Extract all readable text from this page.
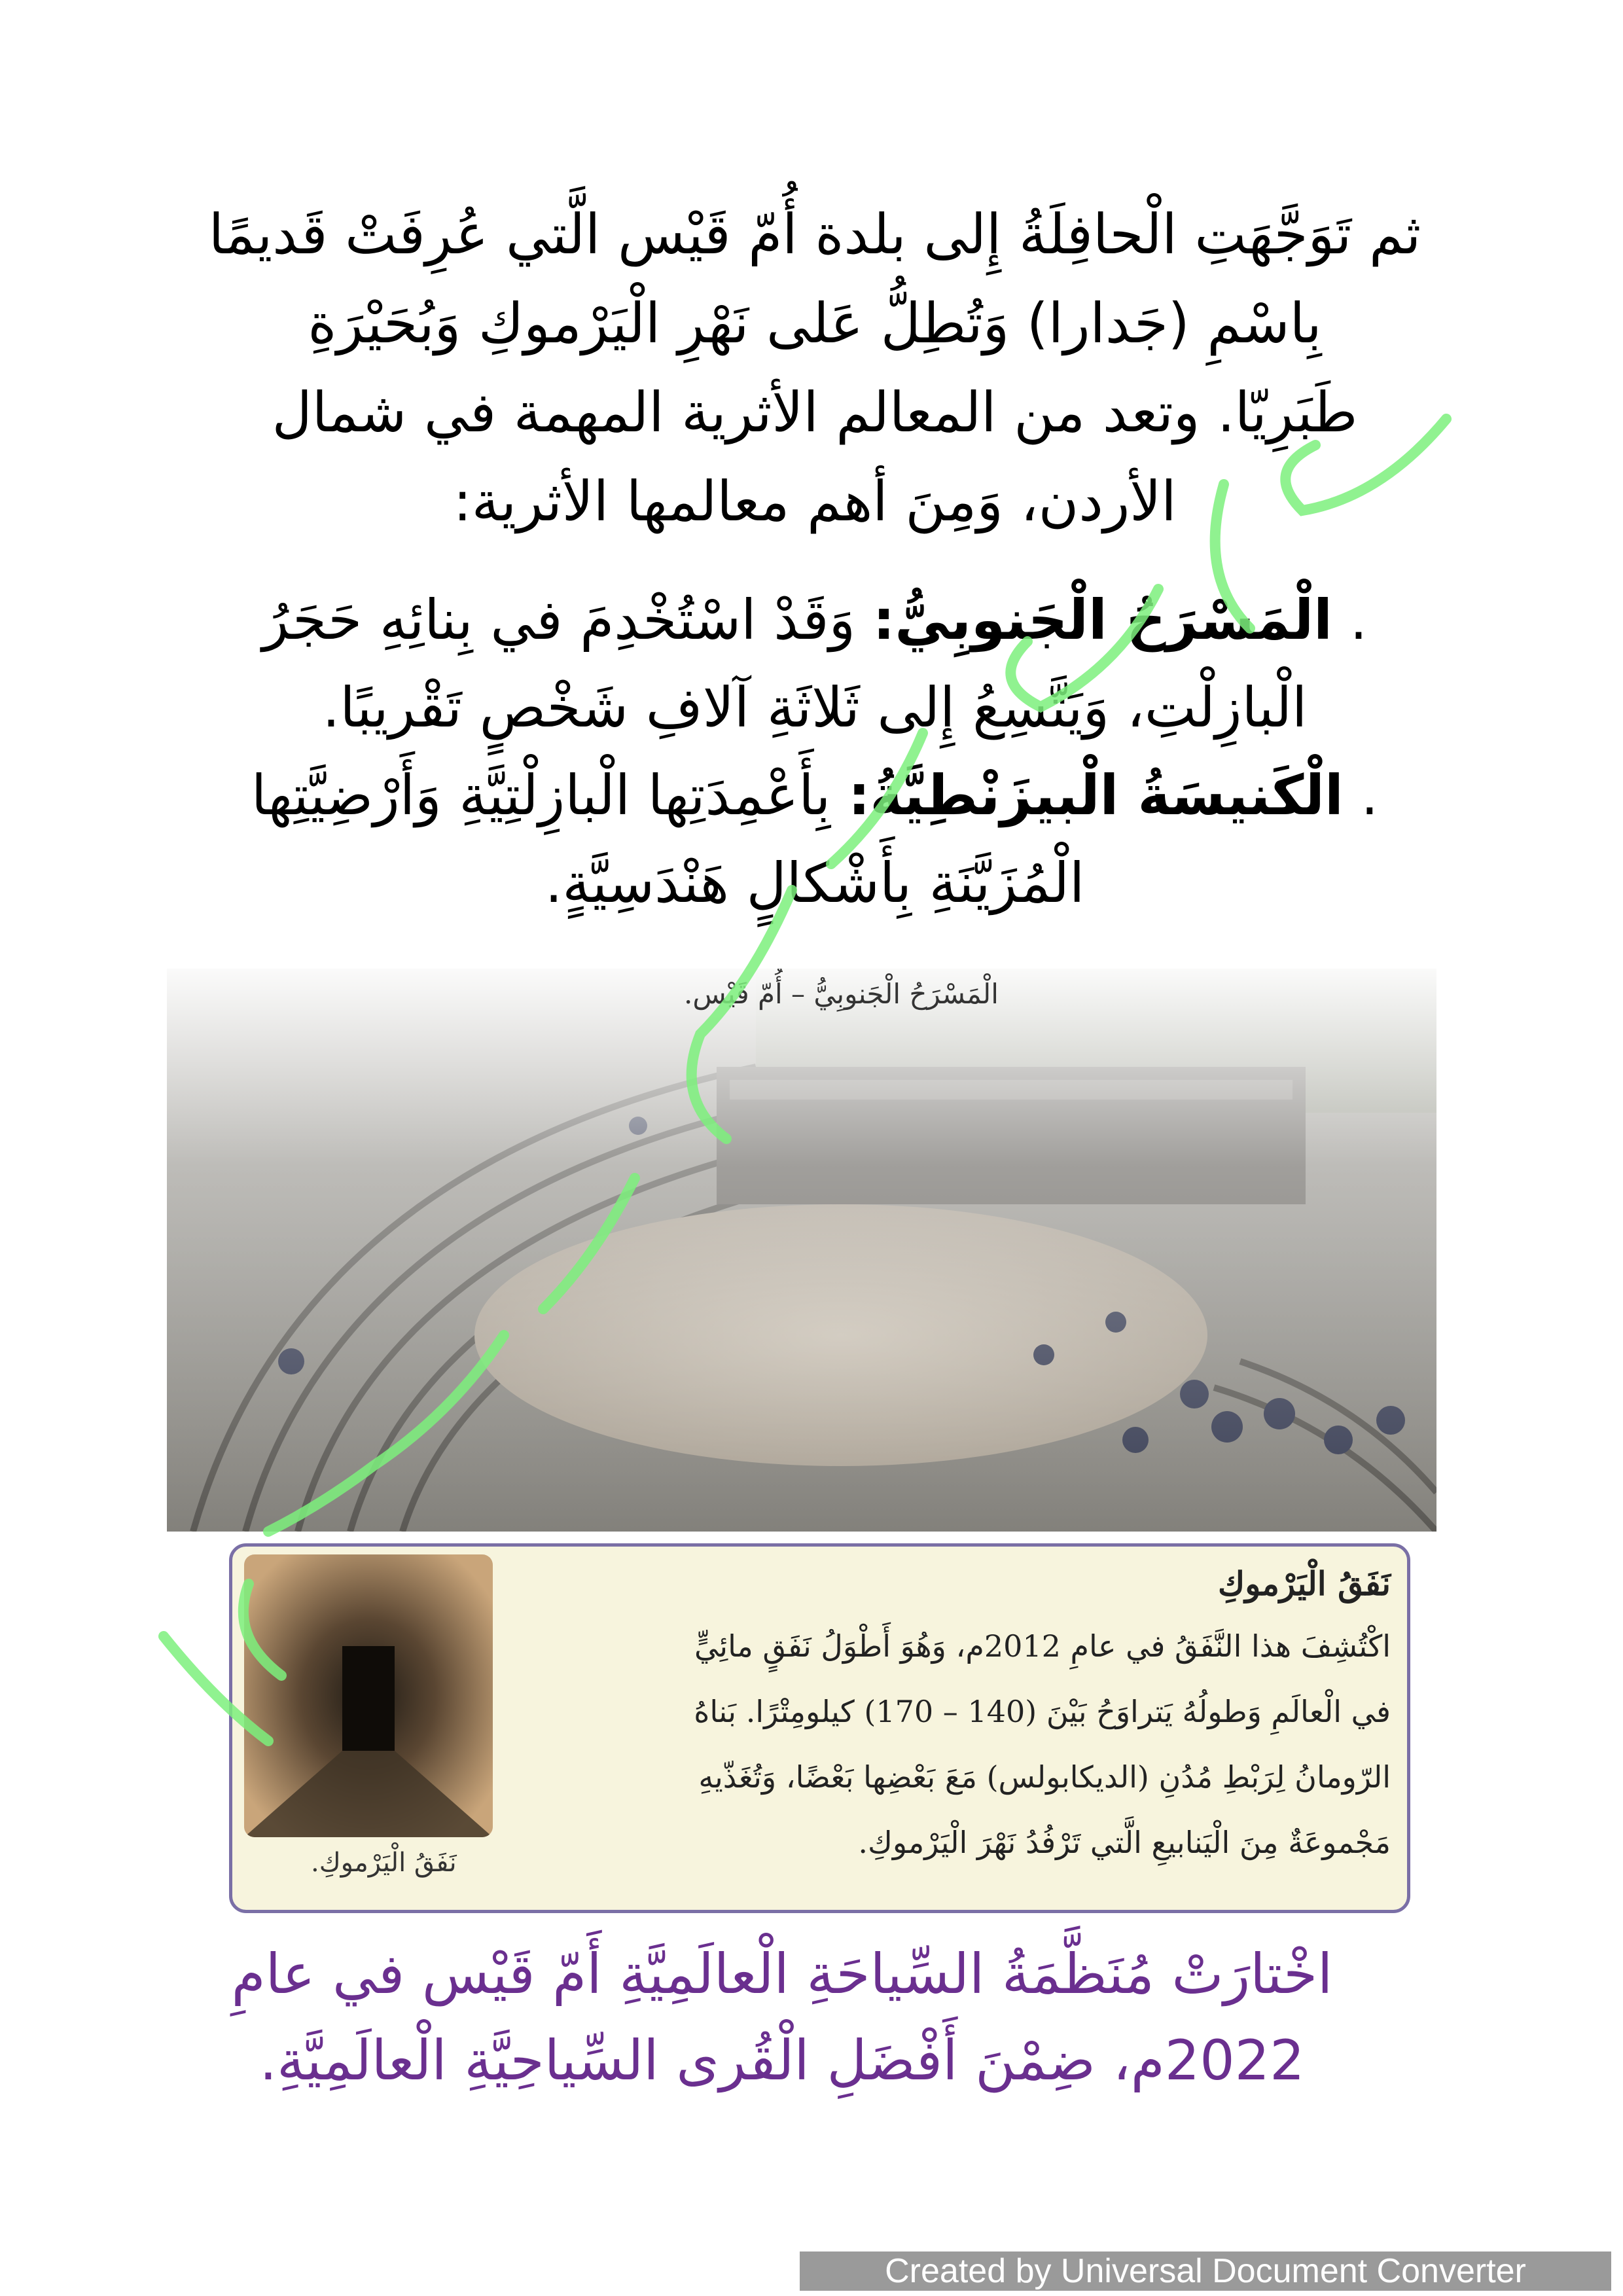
ثم تَوَجَّهَتِ الْحافِلَةُ إِلى بلدة أُمّ قَيْس الَّتي عُرِفَتْ قَديمًا

بِاسْمِ (جَدارا) وَتُطِلُّ عَلى نَهْرِ الْيَرْموكِ وَبُحَيْرَةِ

طَبَرِيّا. وتعد من المعالم الأثرية المهمة في شمال

الأردن، وَمِنَ أهم معالمها الأثرية:

. الْمَسْرَحُ الْجَنوبِيُّ: وَقَدْ اسْتُخْدِمَ في بِنائِهِ حَجَرُ

الْبازِلْتِ، وَيَتَّسِعُ إِلى ثَلاثَةِ آلافِ شَخْصٍ تَقْريبًا.

. الْكَنيسَةُ الْبيزَنْطِيَّةُ: بِأَعْمِدَتِها الْبازِلْتِيَّةِ وَأَرْضِيَّتِها

الْمُزَيَّنَةِ بِأَشْكالٍ هَنْدَسِيَّةٍ.

الْمَسْرَحُ الْجَنوبِيُّ – أُمّ قَيْس.
نَفَقُ الْيَرْموكِ.
نَفَقُ الْيَرْموكِ

اكْتُشِفَ هذا النَّفَقُ في عامِ 2012م، وَهُوَ أَطْوَلُ نَفَقٍ مائِيٍّ

في الْعالَمِ وَطولُهُ يَتراوَحُ بَيْنَ (140 – 170) كيلومِتْرًا. بَناهُ

الرّومانُ لِرَبْطِ مُدُنِ (الديكابولس) مَعَ بَعْضِها بَعْضًا، وَتُغَذّيهِ

مَجْموعَةٌ مِنَ الْيَنابيعِ الَّتي تَرْفُدُ نَهْرَ الْيَرْموكِ.

اخْتارَتْ مُنَظَّمَةُ السِّياحَةِ الْعالَمِيَّةِ أَمّ قَيْس في عامِ

2022م، ضِمْنَ أَفْضَلِ الْقُرى السِّياحِيَّةِ الْعالَمِيَّةِ.

Created by Universal Document Converter
